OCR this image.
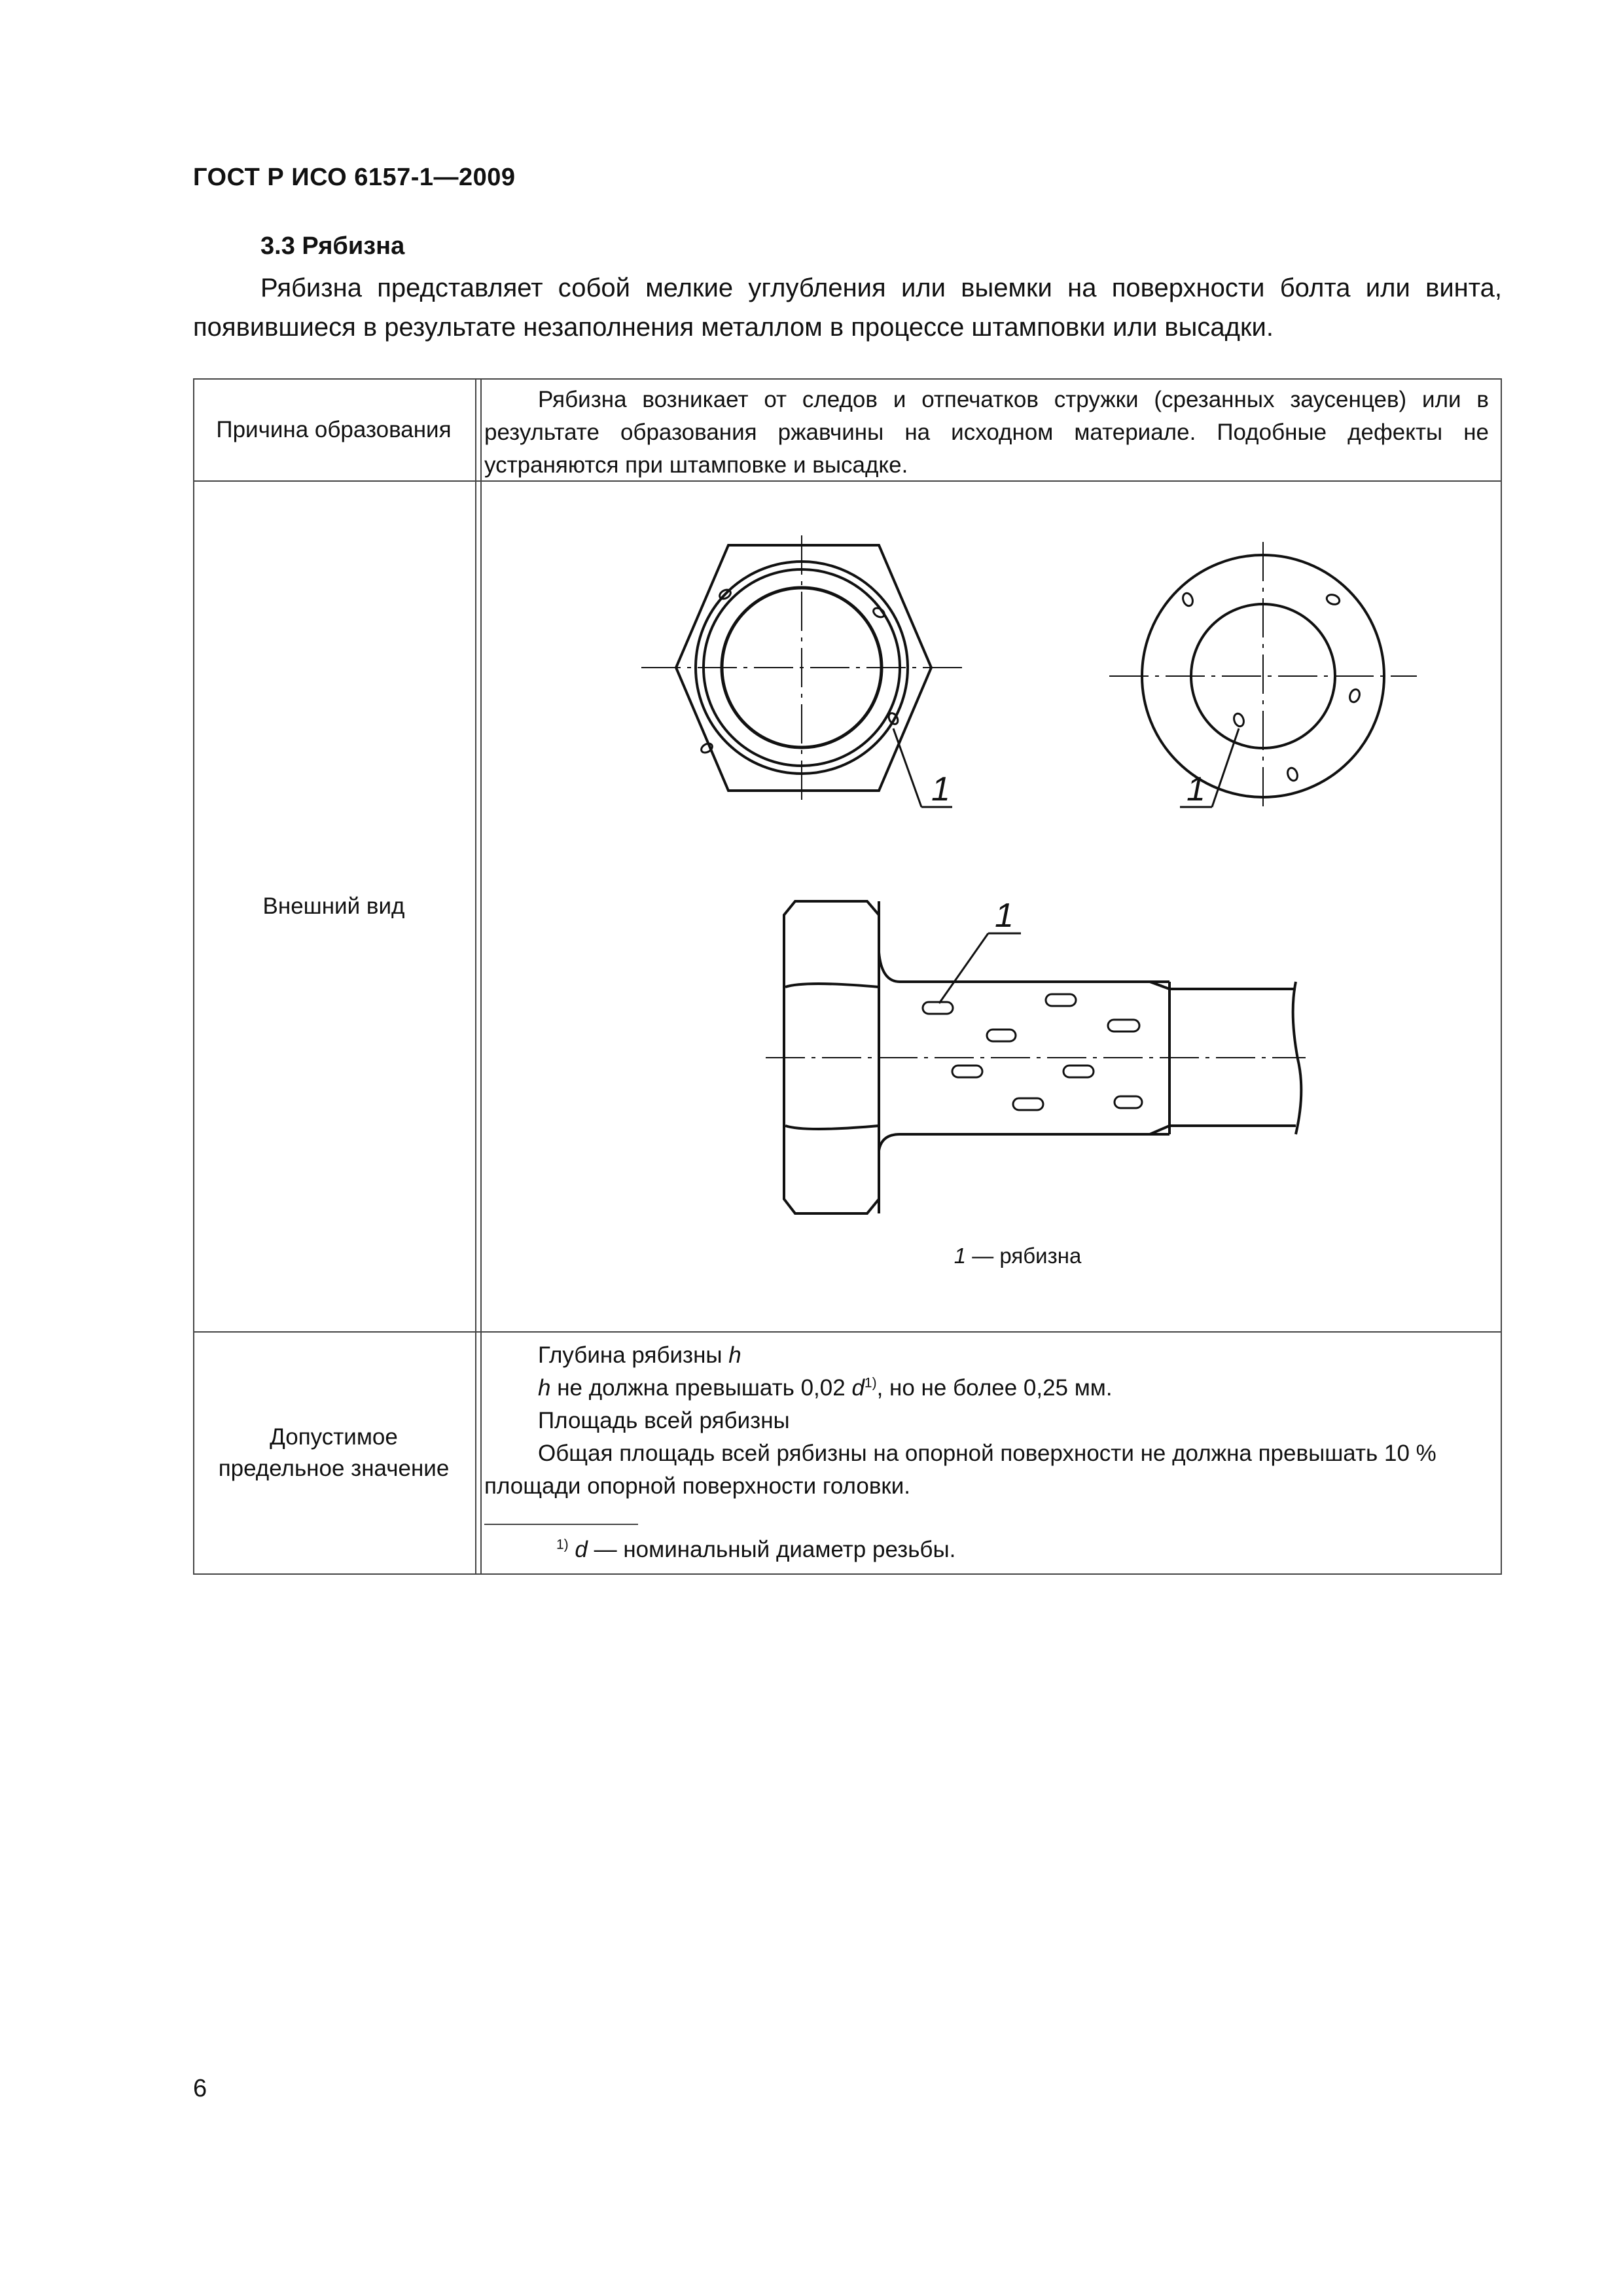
ГОСТ Р ИСО 6157-1—2009
3.3 Рябизна

Рябизна представляет собой мелкие углубления или выемки на поверхности болта или винта, появившиеся в результате незаполнения металлом в процессе штамповки или высадки.

Причина образования

Рябизна возникает от следов и отпечатков стружки (срезанных заусенцев) или в результате образования ржавчины на исходном материале. Подобные дефекты не устраняются при штамповке и высадке.

Внешний вид
1	1
1
1 — рябизна
Допустимое
предельное значение

Глубина рябизны h

h не должна превышать 0,02 $d^{1)}$, но не более 0,25 мм.

Площадь всей рябизны

Общая площадь всей рябизны на опорной поверхности не должна превышать 10 % площади опорной поверхности головки.

$^{1)}$ d — номинальный диаметр резьбы.
6
